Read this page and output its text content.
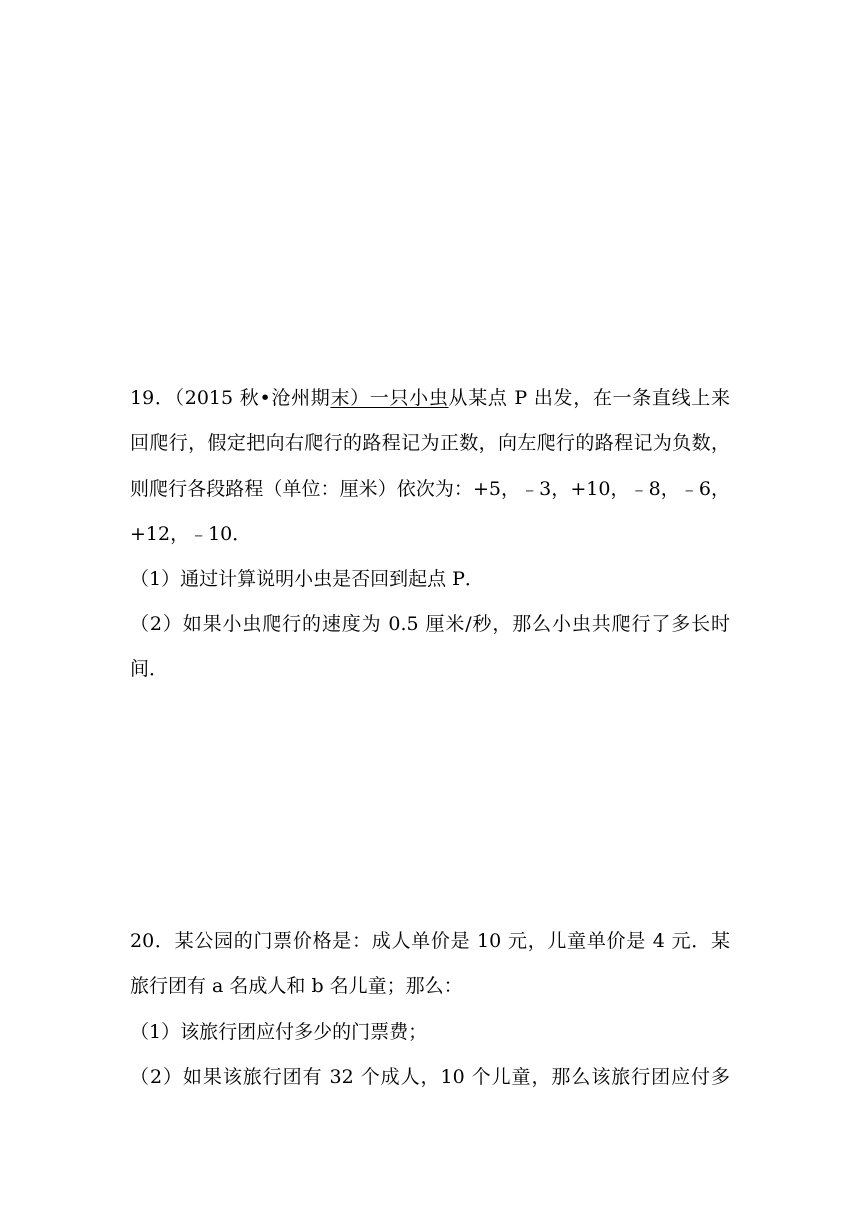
19．（2015 秋•沧州期末）一只小虫从某点 P 出发，在一条直线上来
回爬行，假定把向右爬行的路程记为正数，向左爬行的路程记为负数，
则爬行各段路程（单位：厘米）依次为：+5，﹣3，+10，﹣8，﹣6，
+12，﹣10．
（1）通过计算说明小虫是否回到起点 P．
（2）如果小虫爬行的速度为 0.5 厘米/秒，那么小虫共爬行了多长时
间．
20．某公园的门票价格是：成人单价是 10 元，儿童单价是 4 元．某
旅行团有 a 名成人和 b 名儿童；那么：
（1）该旅行团应付多少的门票费；
（2）如果该旅行团有 32 个成人，10 个儿童，那么该旅行团应付多
